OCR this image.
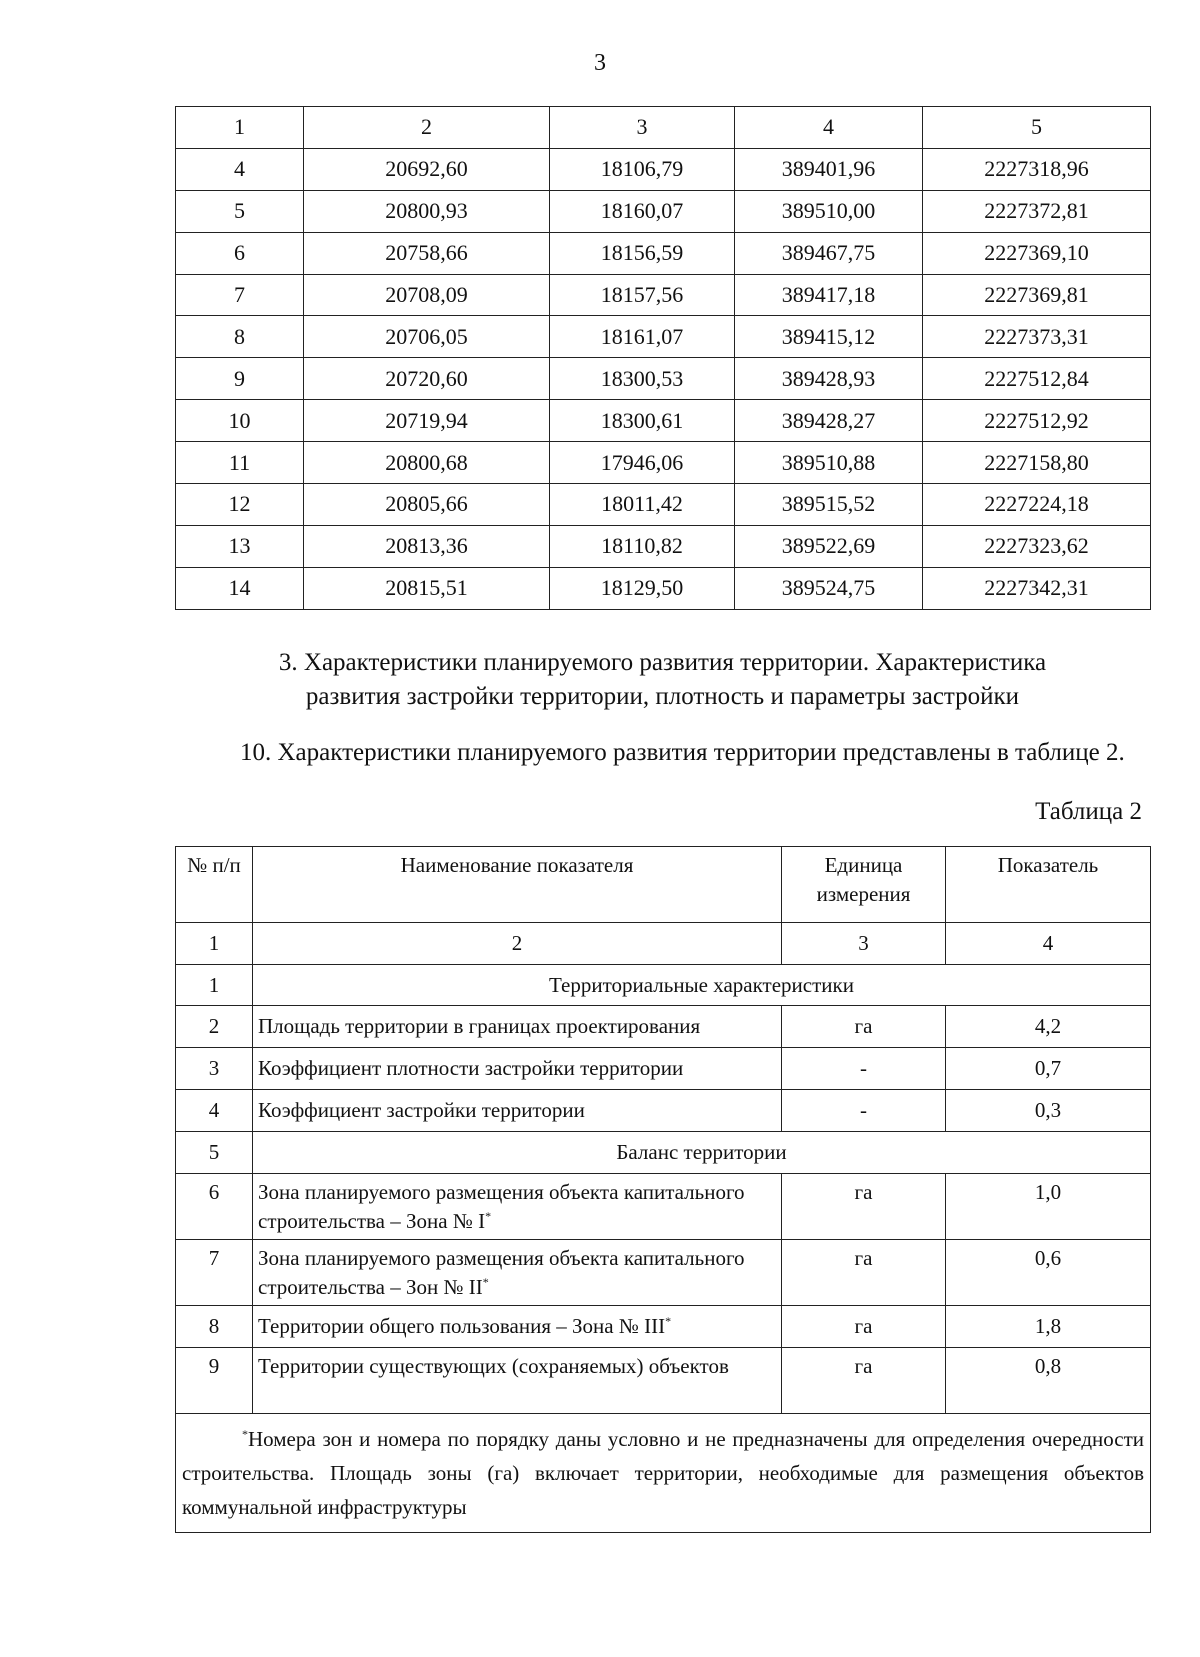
3
1	2	3	4	5
4	20692,60	18106,79	389401,96	2227318,96
5	20800,93	18160,07	389510,00	2227372,81
6	20758,66	18156,59	389467,75	2227369,10
7	20708,09	18157,56	389417,18	2227369,81
8	20706,05	18161,07	389415,12	2227373,31
9	20720,60	18300,53	389428,93	2227512,84
10	20719,94	18300,61	389428,27	2227512,92
11	20800,68	17946,06	389510,88	2227158,80
12	20805,66	18011,42	389515,52	2227224,18
13	20813,36	18110,82	389522,69	2227323,62
14	20815,51	18129,50	389524,75	2227342,31
3. Характеристики планируемого развития территории. Характеристика
развития застройки территории, плотность и параметры застройки
10. Характеристики планируемого развития территории представлены в таблице 2.
Таблица 2
№ п/п	Наименование показателя	Единица измерения	Показатель
1	2	3	4
1	Территориальные характеристики		
2	Площадь территории в границах проектирования	га	4,2
3	Коэффициент плотности застройки территории	-	0,7
4	Коэффициент застройки территории	-	0,3
5	Баланс территории		
6	Зона планируемого размещения объекта капитального строительства – Зона № I*	га	1,0
7	Зона планируемого размещения объекта капитального строительства – Зон № II*	га	0,6
8	Территории общего пользования – Зона № III*	га	1,8
9	Территории существующих (сохраняемых) объектов	га	0,8

*Номера зон и номера по порядку даны условно и не предназначены для определения очередности строительства. Площадь зоны (га) включает территории, необходимые для размещения объектов коммунальной инфраструктуры			
